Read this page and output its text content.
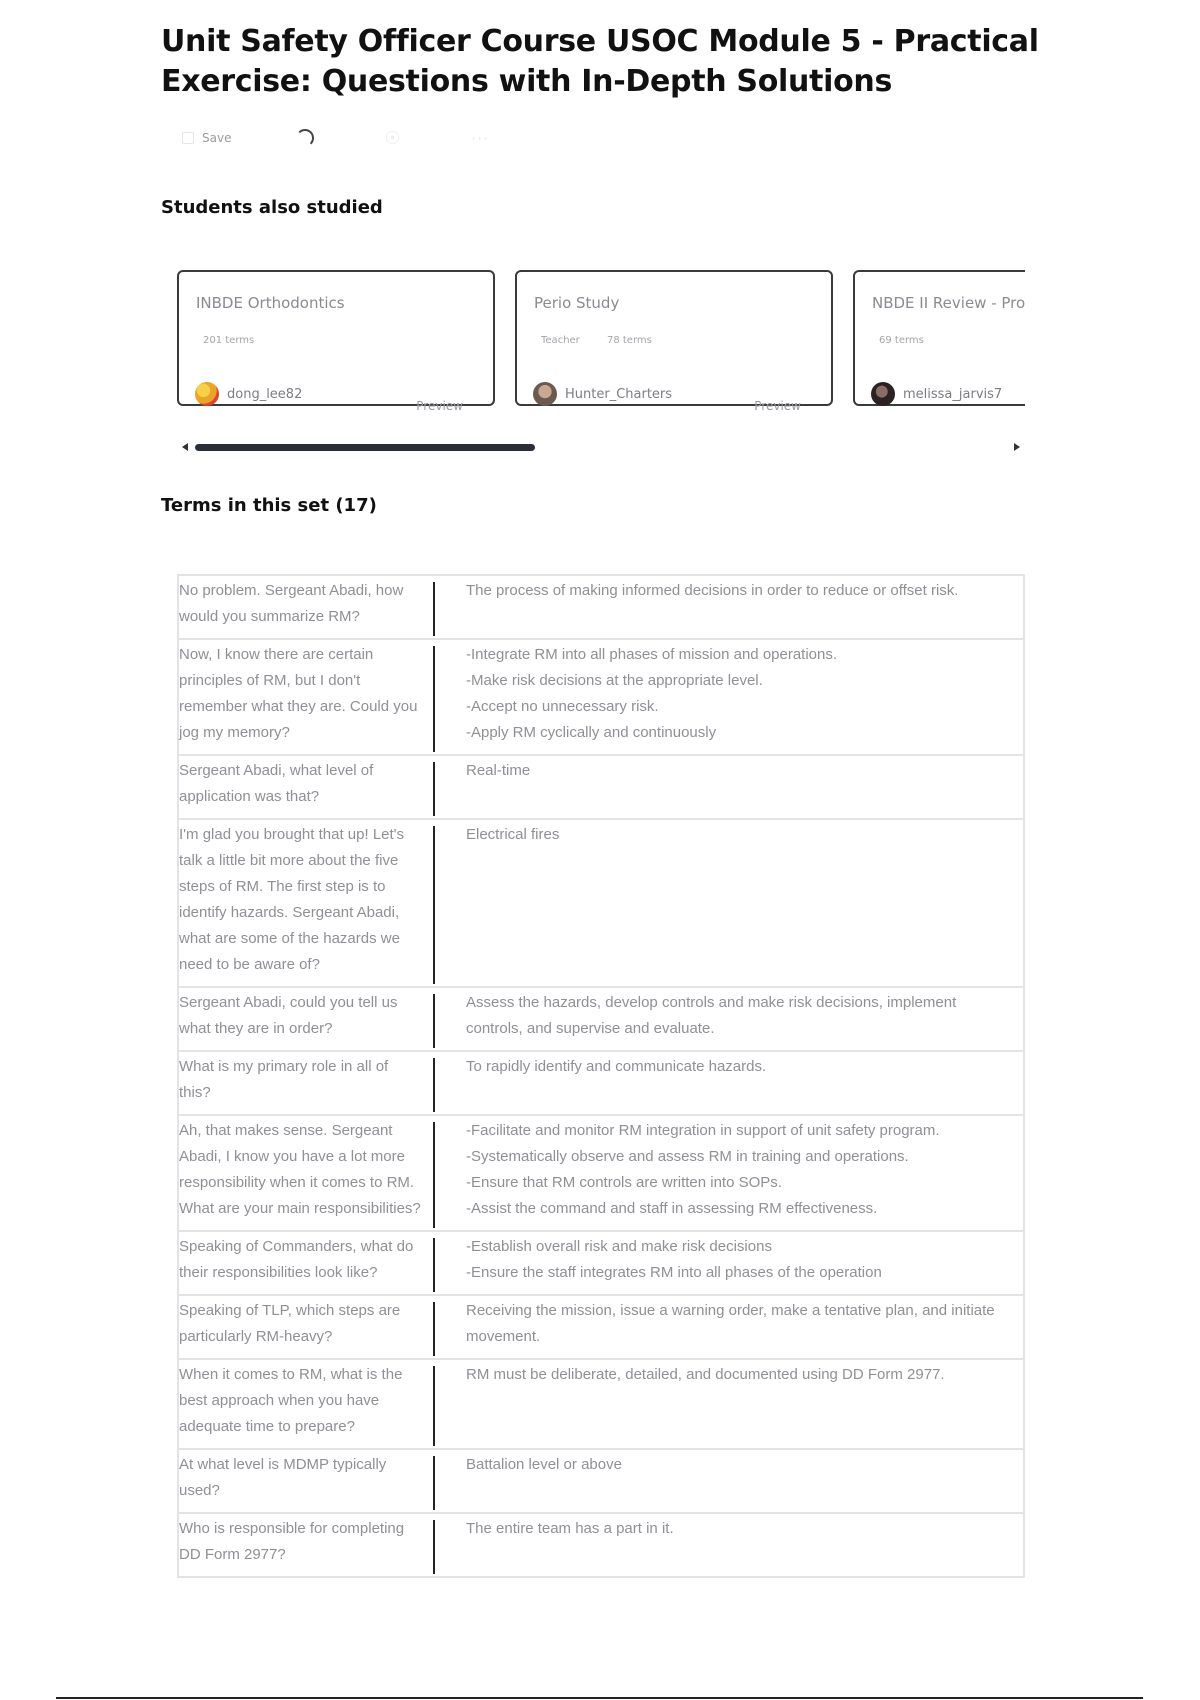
Unit Safety Officer Course USOC Module 5 - Practical Exercise: Questions with In-Depth Solutions
Save	☉	⋯
Students also studied
INBDE Orthodontics
201 terms
dong_lee82
Preview
Perio Study
Teacher	78 terms
Hunter_Charters
Preview
NBDE II Review - Pro
69 terms
melissa_jarvis7
Terms in this set (17)
No problem. Sergeant Abadi, how would you summarize RM?		The process of making informed decisions in order to reduce or offset risk.
Now, I know there are certain principles of RM, but I don't remember what they are. Could you jog my memory?		-Integrate RM into all phases of mission and operations.
-Make risk decisions at the appropriate level.
-Accept no unnecessary risk.
-Apply RM cyclically and continuously
Sergeant Abadi, what level of application was that?		Real-time
I'm glad you brought that up! Let's talk a little bit more about the five steps of RM. The first step is to identify hazards. Sergeant Abadi, what are some of the hazards we need to be aware of?		Electrical fires
Sergeant Abadi, could you tell us what they are in order?		Assess the hazards, develop controls and make risk decisions, implement controls, and supervise and evaluate.
What is my primary role in all of this?		To rapidly identify and communicate hazards.
Ah, that makes sense. Sergeant Abadi, I know you have a lot more responsibility when it comes to RM. What are your main responsibilities?		-Facilitate and monitor RM integration in support of unit safety program.
-Systematically observe and assess RM in training and operations.
-Ensure that RM controls are written into SOPs.
-Assist the command and staff in assessing RM effectiveness.
Speaking of Commanders, what do their responsibilities look like?		-Establish overall risk and make risk decisions
-Ensure the staff integrates RM into all phases of the operation
Speaking of TLP, which steps are particularly RM-heavy?		Receiving the mission, issue a warning order, make a tentative plan, and initiate movement.
When it comes to RM, what is the best approach when you have adequate time to prepare?		RM must be deliberate, detailed, and documented using DD Form 2977.
At what level is MDMP typically used?		Battalion level or above
Who is responsible for completing DD Form 2977?		The entire team has a part in it.
